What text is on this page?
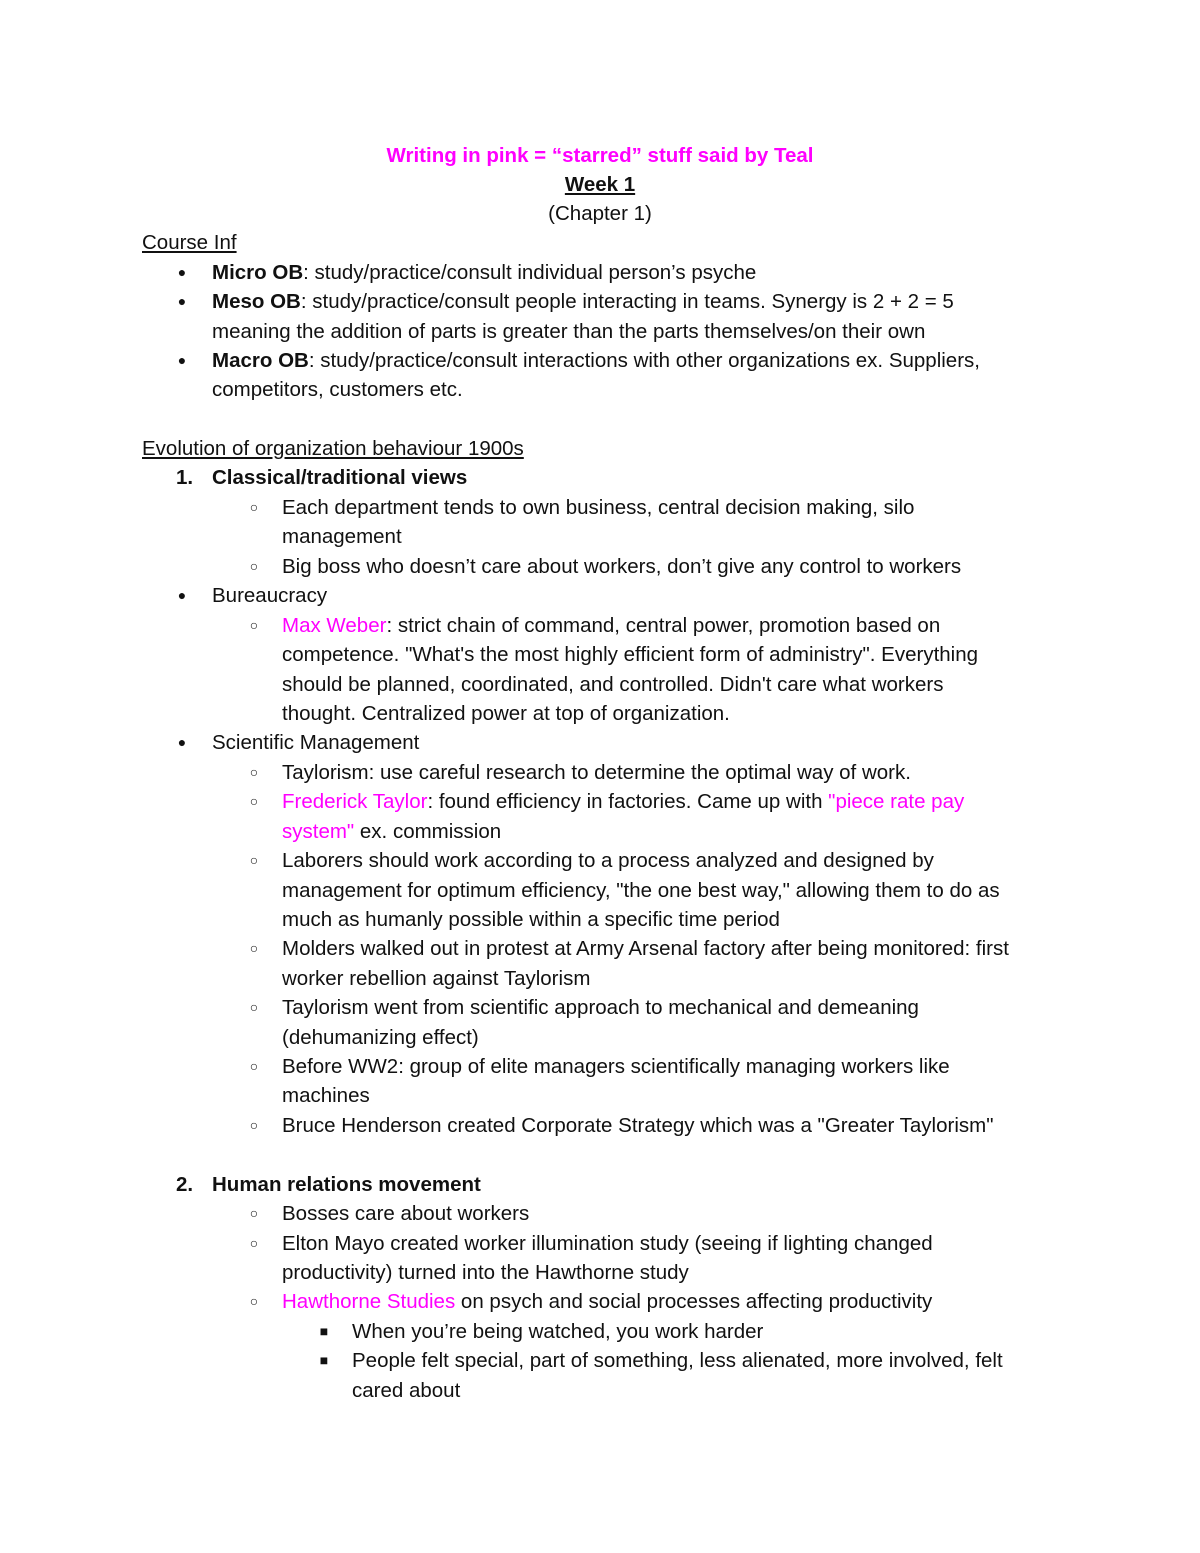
Writing in pink = “starred” stuff said by Teal
Week 1
(Chapter 1)
Course Inf
● Micro OB: study/practice/consult individual person’s psyche
● Meso OB: study/practice/consult people interacting in teams. Synergy is 2 + 2 = 5
meaning the addition of parts is greater than the parts themselves/on their own
● Macro OB: study/practice/consult interactions with other organizations ex. Suppliers,
competitors, customers etc.
Evolution of organization behaviour 1900s
1. Classical/traditional views
○ Each department tends to own business, central decision making, silo
management
○ Big boss who doesn’t care about workers, don’t give any control to workers
● Bureaucracy
○ Max Weber: strict chain of command, central power, promotion based on
competence. "What's the most highly efficient form of administry". Everything
should be planned, coordinated, and controlled. Didn't care what workers
thought. Centralized power at top of organization.
● Scientific Management
○ Taylorism: use careful research to determine the optimal way of work.
○ Frederick Taylor: found efficiency in factories. Came up with "piece rate pay
system" ex. commission
○ Laborers should work according to a process analyzed and designed by
management for optimum efficiency, "the one best way," allowing them to do as
much as humanly possible within a specific time period
○ Molders walked out in protest at Army Arsenal factory after being monitored: first
worker rebellion against Taylorism
○ Taylorism went from scientific approach to mechanical and demeaning
(dehumanizing effect)
○ Before WW2: group of elite managers scientifically managing workers like
machines
○ Bruce Henderson created Corporate Strategy which was a "Greater Taylorism"
2. Human relations movement
○ Bosses care about workers
○ Elton Mayo created worker illumination study (seeing if lighting changed
productivity) turned into the Hawthorne study
○ Hawthorne Studies on psych and social processes affecting productivity
■ When you’re being watched, you work harder
■ People felt special, part of something, less alienated, more involved, felt
cared about
